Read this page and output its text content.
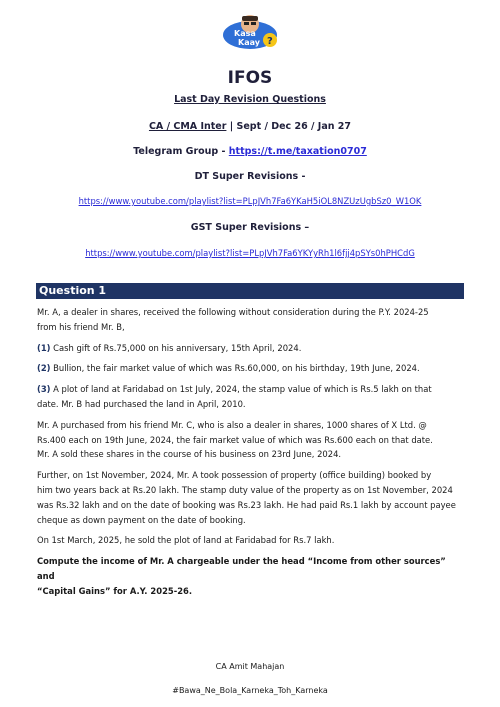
Kasa
Kaay ?
IFOS
Last Day Revision Questions
CA / CMA Inter | Sept / Dec 26 / Jan 27
Telegram Group - https://t.me/taxation0707
DT Super Revisions -
https://www.youtube.com/playlist?list=PLpJVh7Fa6YKaH5iOL8NZUzUgbSz0_W1OK
GST Super Revisions –
https://www.youtube.com/playlist?list=PLpJVh7Fa6YKYyRh1l6fjj4pSYs0hPHCdG
Question 1

Mr. A, a dealer in shares, received the following without consideration during the P.Y. 2024-25
from his friend Mr. B,

(1) Cash gift of Rs.75,000 on his anniversary, 15th April, 2024.

(2) Bullion, the fair market value of which was Rs.60,000, on his birthday, 19th June, 2024.

(3) A plot of land at Faridabad on 1st July, 2024, the stamp value of which is Rs.5 lakh on that
date. Mr. B had purchased the land in April, 2010.

Mr. A purchased from his friend Mr. C, who is also a dealer in shares, 1000 shares of X Ltd. @
Rs.400 each on 19th June, 2024, the fair market value of which was Rs.600 each on that date.
Mr. A sold these shares in the course of his business on 23rd June, 2024.

Further, on 1st November, 2024, Mr. A took possession of property (office building) booked by
him two years back at Rs.20 lakh. The stamp duty value of the property as on 1st November, 2024
was Rs.32 lakh and on the date of booking was Rs.23 lakh. He had paid Rs.1 lakh by account payee
cheque as down payment on the date of booking.

On 1st March, 2025, he sold the plot of land at Faridabad for Rs.7 lakh.

Compute the income of Mr. A chargeable under the head “Income from other sources” and
“Capital Gains” for A.Y. 2025-26.

CA Amit Mahajan
#Bawa_Ne_Bola_Karneka_Toh_Karneka
